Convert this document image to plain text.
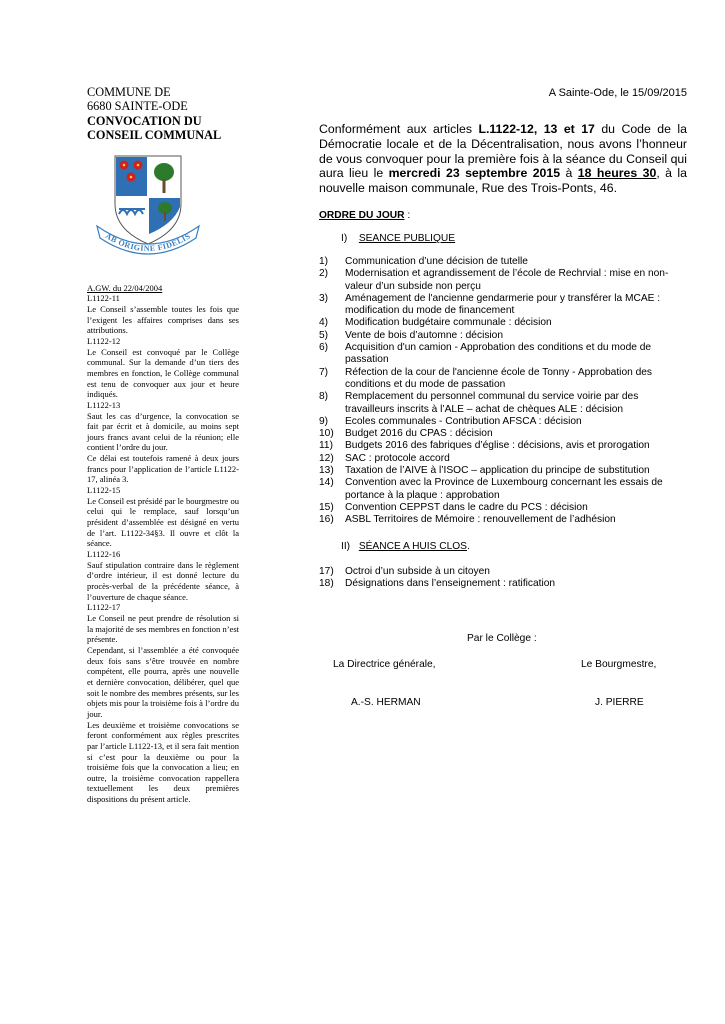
COMMUNE DE
6680 SAINTE-ODE
CONVOCATION DU
CONSEIL COMMUNAL
AB ORIGINE FIDELIS
A.GW. du 22/04/2004
L1122-11
Le Conseil s’assemble toutes les fois que l’exigent les affaires comprises dans ses attributions.
L1122-12
Le Conseil est convoqué par le Collège communal. Sur la demande d’un tiers des membres en fonction, le Collège communal est tenu de convoquer aux jour et heure indiqués.
L1122-13
Saut les cas d’urgence, la convocation se fait par écrit et à domicile, au moins sept jours francs avant celui de la réunion; elle contient l’ordre du jour.
Ce délai est toutefois ramené à deux jours francs pour l’application de l’article L1122-17, alinéa 3.
L1122-15
Le Conseil est présidé par le bourgmestre ou celui qui le remplace, sauf lorsqu’un président d’assemblée est désigné en vertu de l’art. L1122-34§3. Il ouvre et clôt la séance.
L1122-16
Sauf stipulation contraire dans le règlement d’ordre intérieur, il est donné lecture du procès-verbal de la précédente séance, à l’ouverture de chaque séance.
L1122-17
Le Conseil ne peut prendre de résolution si la majorité de ses membres en fonction n’est présente.
Cependant, si l’assemblée a été convoquée deux fois sans s’être trouvée en nombre compétent, elle pourra, après une nouvelle et dernière convocation, délibérer, quel que soit le nombre des membres présents, sur les objets mis pour la troisième fois à l’ordre du jour.
Les deuxième et troisième convocations se feront conformément aux règles prescrites par l’article L1122-13, et il sera fait mention si c’est pour la deuxième ou pour la troisième fois que la convocation a lieu; en outre, la troisième convocation rappellera textuellement les deux premières dispositions du présent article.
A Sainte-Ode, le 15/09/2015

Conformément aux articles L.1122-12, 13 et 17 du Code de la Démocratie locale et de la Décentralisation, nous avons l’honneur de vous convoquer pour la première fois à la séance du Conseil qui aura lieu le mercredi 23 septembre 2015 à 18 heures 30, à la nouvelle maison communale, Rue des Trois-Ponts, 46.

ORDRE DU JOUR :
I) SEANCE PUBLIQUE
1)	Communication d’une décision de tutelle
2)	Modernisation et agrandissement de l’école de Rechrvial : mise en non-valeur d’un subside non perçu
3)	Aménagement de l'ancienne gendarmerie pour y transférer la MCAE : modification du mode de financement
4)	Modification budgétaire communale : décision
5)	Vente de bois d’automne : décision
6)	Acquisition d'un camion - Approbation des conditions et du mode de passation
7)	Réfection de la cour de l'ancienne école de Tonny - Approbation des conditions et du mode de passation
8)	Remplacement du personnel communal du service voirie par des travailleurs inscrits à l’ALE – achat de chèques ALE : décision
9)	Ecoles communales - Contribution AFSCA : décision
10)	Budget 2016 du CPAS : décision
11)	Budgets 2016 des fabriques d’église : décisions, avis et prorogation
12)	SAC : protocole accord
13)	Taxation de l’AIVE à l’ISOC – application du principe de substitution
14)	Convention avec la Province de Luxembourg concernant les essais de portance à la plaque : approbation
15)	Convention CEPPST dans le cadre du PCS : décision
16)	ASBL Territoires de Mémoire : renouvellement de l’adhésion
II) SÉANCE A HUIS CLOS.
17)	Octroi d’un subside à un citoyen
18)	Désignations dans l’enseignement : ratification
Par le Collège :
La Directrice générale,	Le Bourgmestre,
A.-S. HERMAN	J. PIERRE
